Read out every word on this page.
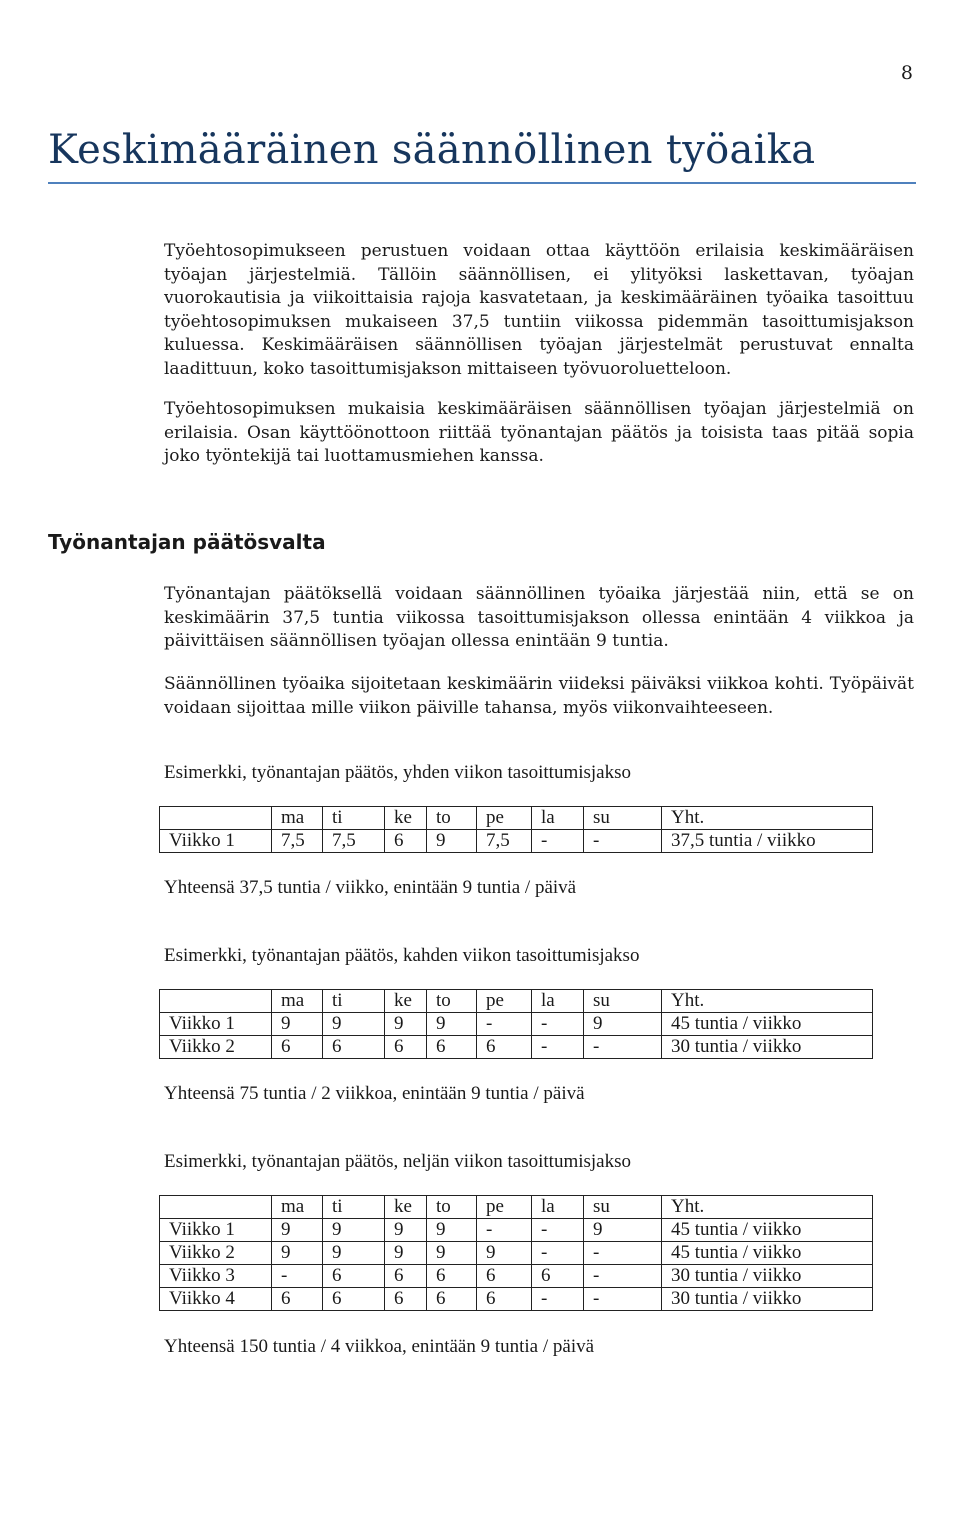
8
Keskimääräinen säännöllinen työaika

Työehtosopimukseen perustuen voidaan ottaa käyttöön erilaisia keskimääräisen työajan järjestelmiä. Tällöin säännöllisen, ei ylityöksi laskettavan, työajan vuorokautisia ja viikoittaisia rajoja kasvatetaan, ja keskimääräinen työaika tasoittuu työehtosopimuksen mukaiseen 37,5 tuntiin viikossa pidemmän tasoittumisjakson kuluessa. Keskimääräisen säännöllisen työajan järjestelmät perustuvat ennalta laadittuun, koko tasoittumisjakson mittaiseen työvuoroluetteloon.

Työehtosopimuksen mukaisia keskimääräisen säännöllisen työajan järjestelmiä on erilaisia. Osan käyttöönottoon riittää työnantajan päätös ja toisista taas pitää sopia joko työntekijä tai luottamusmiehen kanssa.

Työnantajan päätösvalta

Työnantajan päätöksellä voidaan säännöllinen työaika järjestää niin, että se on keskimäärin 37,5 tuntia viikossa tasoittumisjakson ollessa enintään 4 viikkoa ja päivittäisen säännöllisen työajan ollessa enintään 9 tuntia.

Säännöllinen työaika sijoitetaan keskimäärin viideksi päiväksi viikkoa kohti. Työpäivät voidaan sijoittaa mille viikon päiville tahansa, myös viikonvaihteeseen.

Esimerkki, työnantajan päätös, yhden viikon tasoittumisjakso

	ma	ti	ke	to	pe	la	su	Yht.
Viikko 1	7,5	7,5	6	9	7,5	-	-	37,5 tuntia / viikko

Yhteensä 37,5 tuntia / viikko, enintään 9 tuntia / päivä

Esimerkki, työnantajan päätös, kahden viikon tasoittumisjakso

	ma	ti	ke	to	pe	la	su	Yht.
Viikko 1	9	9	9	9	-	-	9	45 tuntia / viikko
Viikko 2	6	6	6	6	6	-	-	30 tuntia / viikko

Yhteensä 75 tuntia / 2 viikkoa, enintään 9 tuntia / päivä

Esimerkki, työnantajan päätös, neljän viikon tasoittumisjakso

	ma	ti	ke	to	pe	la	su	Yht.
Viikko 1	9	9	9	9	-	-	9	45 tuntia / viikko
Viikko 2	9	9	9	9	9	-	-	45 tuntia / viikko
Viikko 3	-	6	6	6	6	6	-	30 tuntia / viikko
Viikko 4	6	6	6	6	6	-	-	30 tuntia / viikko

Yhteensä 150 tuntia / 4 viikkoa, enintään 9 tuntia / päivä
